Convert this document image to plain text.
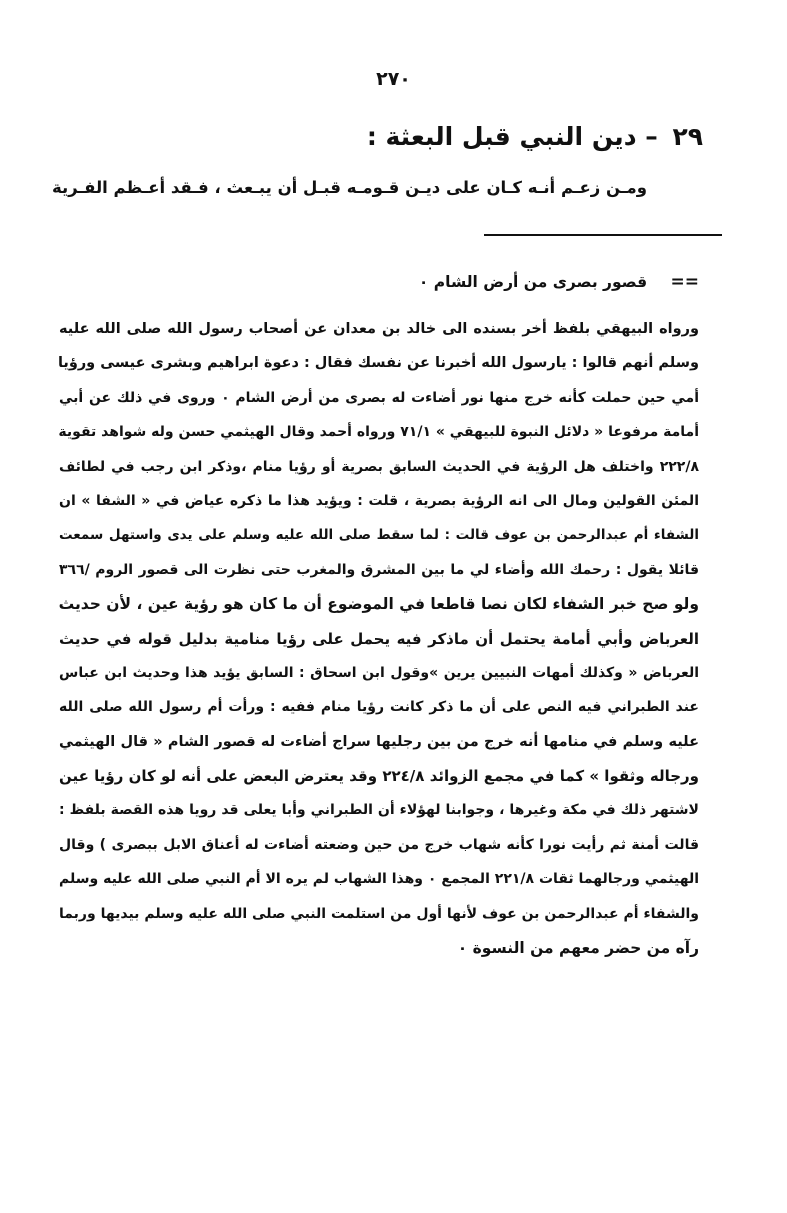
٢٧٠
٢٩ – دين النبي قبل البعثة :
ومـن زعـم أنـه كـان على ديـن قـومـه قبـل أن يبـعث ، فـقد أعـظم الفـرية
== قصور بصرى من أرض الشام ٠
ورواه البيهقي بلفظ أخر بسنده الى خالد بن معدان عن أصحاب رسول الله صلى الله عليه
وسلم أنهم قالوا : يارسول الله أخبرنا عن نفسك فقال : دعوة ابراهيم وبشرى عيسى ورؤيا
أمي حين حملت كأنه خرج منها نور أضاءت له بصرى من أرض الشام ٠ وروى في ذلك عن أبي
أمامة مرفوعا « دلائل النبوة للبيهقي » ٧١/١ ورواه أحمد وقال الهيثمي حسن وله شواهد تقوية
٢٢٢/٨ واختلف هل الرؤية في الحديث السابق بصرية أو رؤيا منام ،وذكر ابن رجب في لطائف
المئن القولين ومال الى انه الرؤية بصرية ، قلت : ويؤيد هذا ما ذكره عياض في « الشفا » ان
الشفاء أم عبدالرحمن بن عوف قالت : لما سقط صلى الله عليه وسلم على يدى واستهل سمعت
قائلا يقول : رحمك الله وأضاء لي ما بين المشرق والمغرب حتى نظرت الى قصور الروم /٣٦٦
ولو صح خبر الشفاء لكان نصا قاطعا في الموضوع أن ما كان هو رؤية عين ، لأن حديث
العرباض وأبي أمامة يحتمل أن ماذكر فيه يحمل على رؤيا منامية بدليل قوله في حديث
العرباض « وكذلك أمهات النبيين يرين »وقول ابن اسحاق : السابق يؤيد هذا وحديث ابن عباس
عند الطبراني فيه النص على أن ما ذكر كانت رؤيا منام ففيه : ورأت أم رسول الله صلى الله
عليه وسلم في منامها أنه خرج من بين رجليها سراج أضاءت له قصور الشام « قال الهيثمي
ورجاله وثقوا » كما في مجمع الزوائد ٢٢٤/٨ وقد يعترض البعض على أنه لو كان رؤيا عين
لاشتهر ذلك في مكة وغيرها ، وجوابنا لهؤلاء أن الطبراني وأبا يعلى قد رويا هذه القصة بلفظ :
قالت أمنة ثم رأيت نورا كأنه شهاب خرج من حين وضعته أضاءت له أعناق الابل ببصرى ) وقال
الهيثمي ورجالهما ثقات ٢٢١/٨ المجمع ٠ وهذا الشهاب لم يره الا أم النبي صلى الله عليه وسلم
والشفاء أم عبدالرحمن بن عوف لأنها أول من استلمت النبي صلى الله عليه وسلم بيديها وربما
رآه من حضر معهم من النسوة ٠
